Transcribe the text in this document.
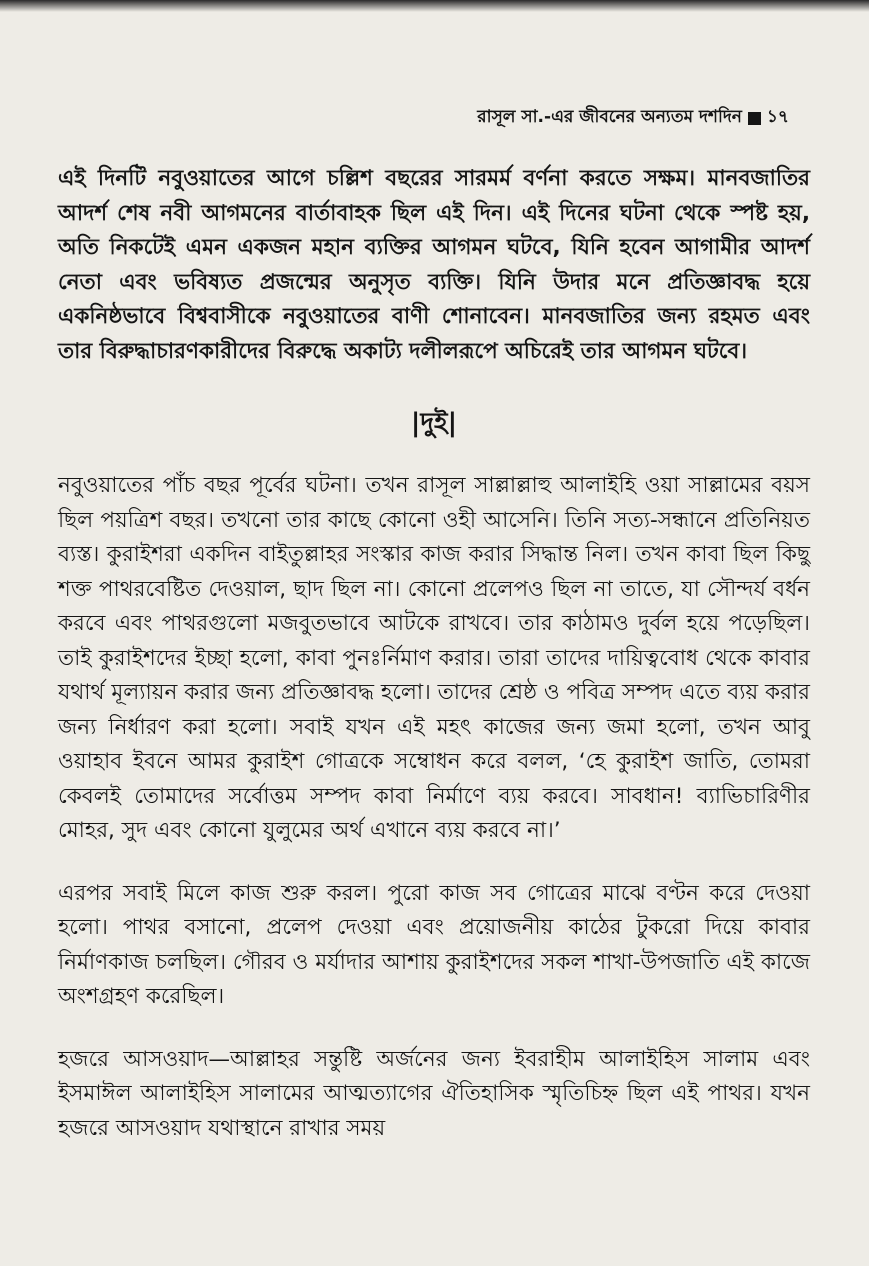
রাসূল সা.-এর জীবনের অন্যতম দশদিন ১৭

এই দিনটি নবুওয়াতের আগে চল্লিশ বছরের সারমর্ম বর্ণনা করতে সক্ষম। মানবজাতির আদর্শ শেষ নবী আগমনের বার্তাবাহক ছিল এই দিন। এই দিনের ঘটনা থেকে স্পষ্ট হয়, অতি নিকটেই এমন একজন মহান ব্যক্তির আগমন ঘটবে, যিনি হবেন আগামীর আদর্শ নেতা এবং ভবিষ্যত প্রজন্মের অনুসৃত ব্যক্তি। যিনি উদার মনে প্রতিজ্ঞাবদ্ধ হয়ে একনিষ্ঠভাবে বিশ্ববাসীকে নবুওয়াতের বাণী শোনাবেন। মানবজাতির জন্য রহমত এবং তার বিরুদ্ধাচারণকারীদের বিরুদ্ধে অকাট্য দলীলরূপে অচিরেই তার আগমন ঘটবে।

|দুই|

নবুওয়াতের পাঁচ বছর পূর্বের ঘটনা। তখন রাসূল সাল্লাল্লাহু আলাইহি ওয়া সাল্লামের বয়স ছিল পয়ত্রিশ বছর। তখনো তার কাছে কোনো ওহী আসেনি। তিনি সত্য-সন্ধানে প্রতিনিয়ত ব্যস্ত। কুরাইশরা একদিন বাইতুল্লাহর সংস্কার কাজ করার সিদ্ধান্ত নিল। তখন কাবা ছিল কিছু শক্ত পাথরবেষ্টিত দেওয়াল, ছাদ ছিল না। কোনো প্রলেপও ছিল না তাতে, যা সৌন্দর্য বর্ধন করবে এবং পাথরগুলো মজবুতভাবে আটকে রাখবে। তার কাঠামও দুর্বল হয়ে পড়েছিল। তাই কুরাইশদের ইচ্ছা হলো, কাবা পুনঃর্নিমাণ করার। তারা তাদের দায়িত্ববোধ থেকে কাবার যথার্থ মূল্যায়ন করার জন্য প্রতিজ্ঞাবদ্ধ হলো। তাদের শ্রেষ্ঠ ও পবিত্র সম্পদ এতে ব্যয় করার জন্য নির্ধারণ করা হলো। সবাই যখন এই মহৎ কাজের জন্য জমা হলো, তখন আবু ওয়াহাব ইবনে আমর কুরাইশ গোত্রকে সম্বোধন করে বলল, ‘হে কুরাইশ জাতি, তোমরা কেবলই তোমাদের সর্বোত্তম সম্পদ কাবা নির্মাণে ব্যয় করবে। সাবধান! ব্যাভিচারিণীর মোহর, সুদ এবং কোনো যুলুমের অর্থ এখানে ব্যয় করবে না।’

এরপর সবাই মিলে কাজ শুরু করল। পুরো কাজ সব গোত্রের মাঝে বণ্টন করে দেওয়া হলো। পাথর বসানো, প্রলেপ দেওয়া এবং প্রয়োজনীয় কাঠের টুকরো দিয়ে কাবার নির্মাণকাজ চলছিল। গৌরব ও মর্যাদার আশায় কুরাইশদের সকল শাখা-উপজাতি এই কাজে অংশগ্রহণ করেছিল।

হজরে আসওয়াদ—আল্লাহর সন্তুষ্টি অর্জনের জন্য ইবরাহীম আলাইহিস সালাম এবং ইসমাঈল আলাইহিস সালামের আত্মত্যাগের ঐতিহাসিক স্মৃতিচিহ্ন ছিল এই পাথর। যখন হজরে আসওয়াদ যথাস্থানে রাখার সময়
